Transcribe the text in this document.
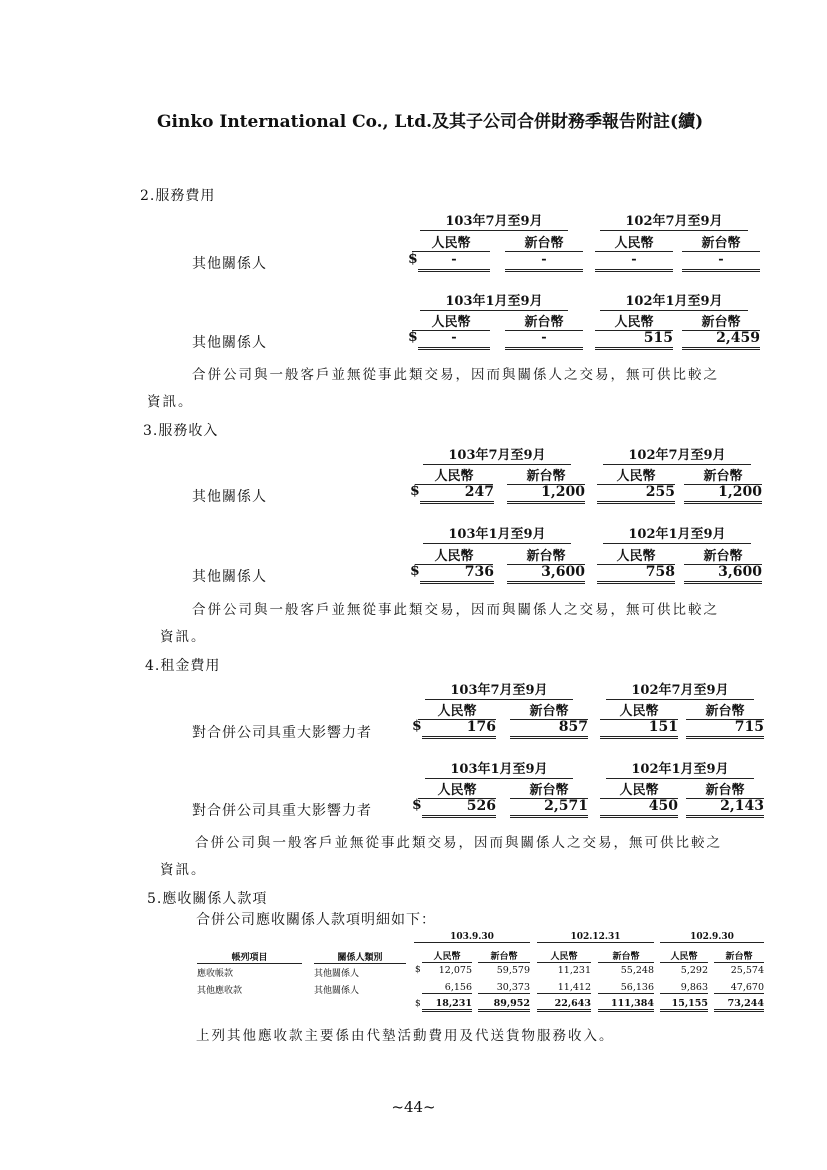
Ginko International Co., Ltd.及其子公司合併財務季報告附註(續)
2.服務費用
103年7月至9月	102年7月至9月
人民幣	新台幣	人民幣	新台幣
其他關係人	$	-	-	-	-
103年1月至9月	102年1月至9月
人民幣	新台幣	人民幣	新台幣
其他關係人	$	-	-	515	2,459
合併公司與一般客戶並無從事此類交易，因而與關係人之交易，無可供比較之
資訊。
3.服務收入
103年7月至9月	102年7月至9月
人民幣	新台幣	人民幣	新台幣
其他關係人	$	247	1,200	255	1,200
103年1月至9月	102年1月至9月
人民幣	新台幣	人民幣	新台幣
其他關係人	$	736	3,600	758	3,600
合併公司與一般客戶並無從事此類交易，因而與關係人之交易，無可供比較之
資訊。
4.租金費用
103年7月至9月	102年7月至9月
人民幣	新台幣	人民幣	新台幣
對合併公司具重大影響力者	$	176	857	151	715
103年1月至9月	102年1月至9月
人民幣	新台幣	人民幣	新台幣
對合併公司具重大影響力者	$	526	2,571	450	2,143
合併公司與一般客戶並無從事此類交易，因而與關係人之交易，無可供比較之
資訊。
5.應收關係人款項
合併公司應收關係人款項明細如下：
103.9.30	102.12.31	102.9.30
帳列項目	關係人類別	人民幣	新台幣	人民幣	新台幣	人民幣	新台幣
應收帳款	其他關係人	$	12,075	59,579	11,231	55,248	5,292	25,574
其他應收款	其他關係人	6,156	30,373	11,412	56,136	9,863	47,670
$	18,231	89,952	22,643	111,384	15,155	73,244
上列其他應收款主要係由代墊活動費用及代送貨物服務收入。
~44~
